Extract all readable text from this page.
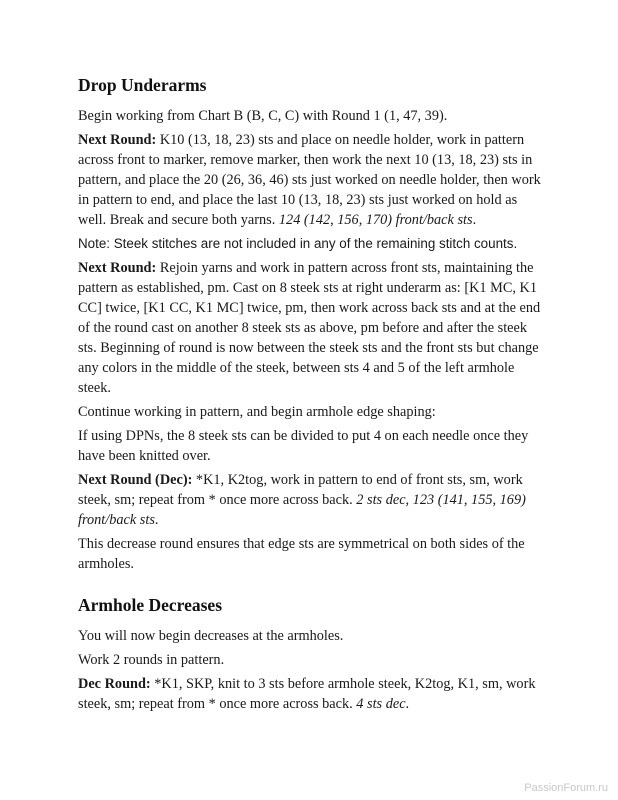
Drop Underarms

Begin working from Chart B (B, C, C) with Round 1 (1, 47, 39).

Next Round: K10 (13, 18, 23) sts and place on needle holder, work in pattern across front to marker, remove marker, then work the next 10 (13, 18, 23) sts in pattern, and place the 20 (26, 36, 46) sts just worked on needle holder, then work in pattern to end, and place the last 10 (13, 18, 23) sts just worked on hold as well. Break and secure both yarns. 124 (142, 156, 170) front/back sts.

Note: Steek stitches are not included in any of the remaining stitch counts.

Next Round: Rejoin yarns and work in pattern across front sts, maintaining the pattern as established, pm. Cast on 8 steek sts at right underarm as: [K1 MC, K1 CC] twice, [K1 CC, K1 MC] twice, pm, then work across back sts and at the end of the round cast on another 8 steek sts as above, pm before and after the steek sts. Beginning of round is now between the steek sts and the front sts but change any colors in the middle of the steek, between sts 4 and 5 of the left armhole steek.

Continue working in pattern, and begin armhole edge shaping:

If using DPNs, the 8 steek sts can be divided to put 4 on each needle once they have been knitted over.

Next Round (Dec): *K1, K2tog, work in pattern to end of front sts, sm, work steek, sm; repeat from * once more across back. 2 sts dec, 123 (141, 155, 169) front/back sts.

This decrease round ensures that edge sts are symmetrical on both sides of the armholes.

Armhole Decreases

You will now begin decreases at the armholes.

Work 2 rounds in pattern.

Dec Round: *K1, SKP, knit to 3 sts before armhole steek, K2tog, K1, sm, work steek, sm; repeat from * once more across back. 4 sts dec.

PassionForum.ru
